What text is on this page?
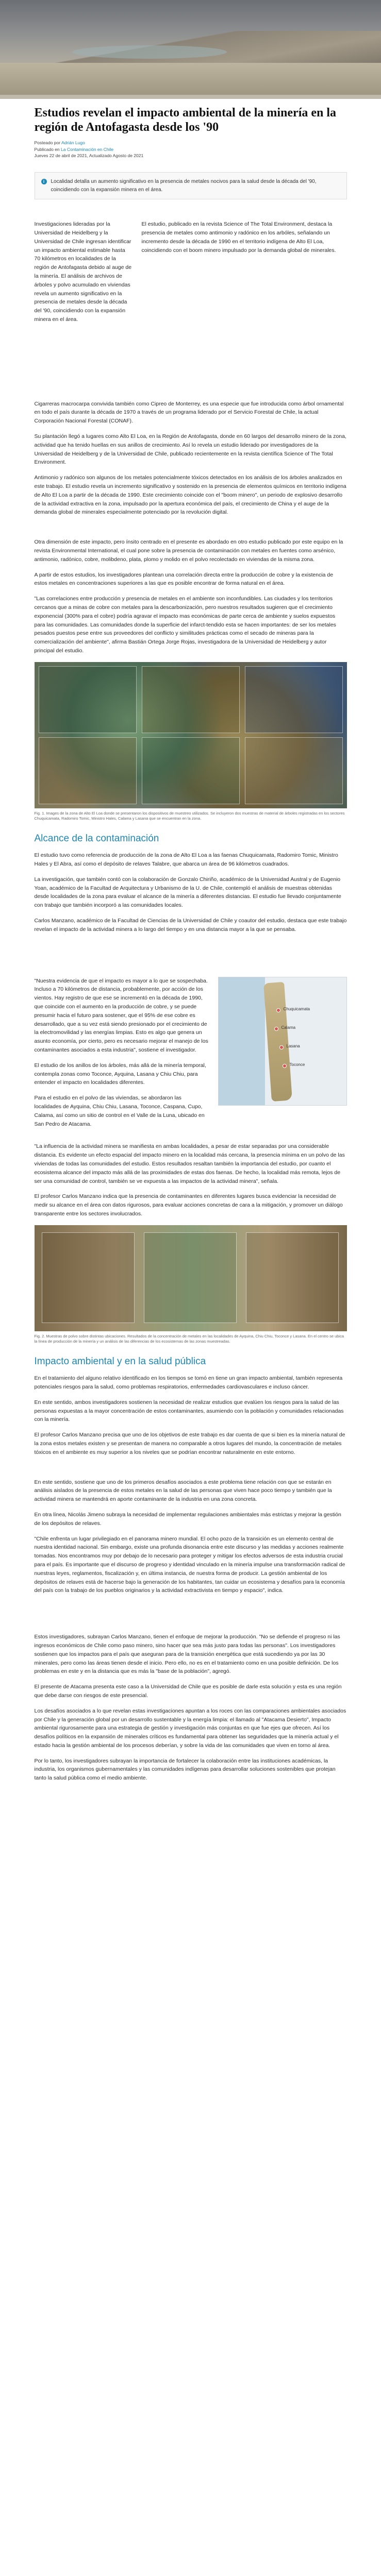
Estudios revelan el impacto ambiental de la minería en la región de Antofagasta desde los '90
Posteado por Adrián Lugo
Publicado en La Contaminación en Chile
Jueves 22 de abril de 2021, Actualizado Agosto de 2021
i	Localidad detalla un aumento significativo en la presencia de metales nocivos para la salud desde la década del '90, coincidiendo con la expansión minera en el área.

Investigaciones lideradas por la Universidad de Heidelberg y la Universidad de Chile ingresan identificar un impacto ambiental estimable hasta 70 kilómetros en localidades de la región de Antofagasta debido al auge de la minería. El análisis de archivos de árboles y polvo acumulado en viviendas revela un aumento significativo en la presencia de metales desde la década del '90, coincidiendo con la expansión minera en el área.

El estudio, publicado en la revista Science of The Total Environment, destaca la presencia de metales como antimonio y radónico en los arbóles, señalando un incremento desde la década de 1990 en el territorio indígena de Alto El Loa, coincidiendo con el boom minero impulsado por la demanda global de minerales.

Cigarreras macrocarpa convivida también como Cipreo de Monterrey, es una especie que fue introducida como árbol ornamental en todo el país durante la década de 1970 a través de un programa liderado por el Servicio Forestal de Chile, la actual Corporación Nacional Forestal (CONAF).

Su plantación llegó a lugares como Alto El Loa, en la Región de Antofagasta, donde en 60 largos del desarrollo minero de la zona, actividad que ha tenido huellas en sus anillos de crecimiento. Así lo revela un estudio liderado por investigadores de la Universidad de Heidelberg y de la Universidad de Chile, publicado recientemente en la revista científica Science of The Total Environment.

Antimonio y radónico son algunos de los metales potencialmente tóxicos detectados en los análisis de los árboles analizados en este trabajo. El estudio revela un incremento significativo y sostenido en la presencia de elementos químicos en territorio indígena de Alto El Loa a partir de la década de 1990. Este crecimiento coincide con el "boom minero", un periodo de explosivo desarrollo de la actividad extractiva en la zona, impulsado por la apertura económica del país, el crecimiento de China y el auge de la demanda global de minerales especialmente potenciado por la revolución digital.

Otra dimensión de este impacto, pero ínsito centrado en el presente es abordado en otro estudio publicado por este equipo en la revista Environmental International, el cual pone sobre la presencia de contaminación con metales en fuentes como arsénico, antimonio, radónico, cobre, molibdeno, plata, plomo y molido en el polvo recolectado en viviendas de la misma zona.

A partir de estos estudios, los investigadores plantean una correlación directa entre la producción de cobre y la existencia de estos metales en concentraciones superiores a las que es posible encontrar de forma natural en el área.

"Las correlaciones entre producción y presencia de metales en el ambiente son inconfundibles. Las ciudades y los territorios cercanos que a minas de cobre con metales para la descarbonización, pero nuestros resultados sugieren que el crecimiento exponencial (300% para el cobre) podría agravar el impacto mas económicas de parte cerca de ambiente y suelos expuestos para las comunidades. Las comunidades donde la superficie del infarct-tendido esta se hacen importantes: de ser los metales pesados puestos pese entre sus proveedores del conflicto y similitudes prácticas como el secado de mineras para la comercialización del ambiente", afirma Bastián Ortega Jorge Rojas, investigadora de la Universidad de Heidelberg y autor principal del estudio.

Fig. 1. Images de la zona de Alto El Loa donde se presentaron los dispositivos de muestreo utilizados. Se incluyeron dos muestras de material de árboles registradas en los sectores Chuquicamata, Radomiro Tomic, Ministro Hales, Calama y Lasana que se encuentran en la zona.
Alcance de la contaminación

El estudio tuvo como referencia de producción de la zona de Alto El Loa a las faenas Chuquicamata, Radomiro Tomic, Ministro Hales y El Abra, así como el depósito de relaves Talabre, que abarca un área de 96 kilómetros cuadrados.

La investigación, que también contó con la colaboración de Gonzalo Chiriño, académico de la Universidad Austral y de Eugenio Yoan, académico de la Facultad de Arquitectura y Urbanismo de la U. de Chile, contempló el análisis de muestras obtenidas desde localidades de la zona para evaluar el alcance de la minería a diferentes distancias. El estudio fue llevado conjuntamente con trabajo que también incorporó a las comunidades locales.

Carlos Manzano, académico de la Facultad de Ciencias de la Universidad de Chile y coautor del estudio, destaca que este trabajo revelan el impacto de la actividad minera a lo largo del tiempo y en una distancia mayor a la que se pensaba.

"Nuestra evidencia de que el impacto es mayor a lo que se sospechaba. Incluso a 70 kilómetros de distancia, probablemente, por acción de los vientos. Hay registro de que ese se incrementó en la década de 1990, que coincide con el aumento en la producción de cobre, y se puede presumir hacia el futuro para sostener, que el 95% de ese cobre es desarrollado, que a su vez está siendo presionado por el crecimiento de la electromovilidad y las energías limpias. Esto es algo que genera un asunto economía, por cierto, pero es necesario mejorar el manejo de los contaminantes asociados a esta industria", sostiene el investigador.

El estudio de los anillos de los árboles, más allá de la minería temporal, contempla zonas como Toconce, Ayquina, Lasana y Chiu Chiu, para entender el impacto en localidades diferentes.

Para el estudio en el polvo de las viviendas, se abordaron las localidades de Ayquina, Chiu Chiu, Lasana, Toconce, Caspana, Cupo, Calama, así como un sitio de control en el Valle de la Luna, ubicado en San Pedro de Atacama.

Chuquicamata
Calama
Lasana
Toconce

"La influencia de la actividad minera se manifiesta en ambas localidades, a pesar de estar separadas por una considerable distancia. Es evidente un efecto espacial del impacto minero en la localidad más cercana, la presencia mínima en un polvo de las viviendas de todas las comunidades del estudio. Estos resultados resaltan también la importancia del estudio, por cuanto el ecosistema alcance del impacto más allá de las proximidades de estas dos faenas. De hecho, la localidad más remota, lejos de ser una comunidad de control, también se ve expuesta a las impactos de la actividad minera", señala.

El profesor Carlos Manzano indica que la presencia de contaminantes en diferentes lugares busca evidenciar la necesidad de medir su alcance en el área con datos rigurosos, para evaluar acciones concretas de cara a la mitigación, y promover un diálogo transparente entre los sectores involucrados.

Fig. 2. Muestras de polvo sobre distintas ubicaciones. Resultados de la concentración de metales en las localidades de Ayquina, Chiu Chiu, Toconce y Lasana. En el centro se ubica la línea de producción de la minería y un análisis de las diferencias de los ecosistemas de las zonas muestreadas.
Impacto ambiental y en la salud pública

En el tratamiento del alguno relativo identificado en los tiempos se tomó en tiene un gran impacto ambiental, también representa potenciales riesgos para la salud, como problemas respiratorios, enfermedades cardiovasculares e incluso cáncer.

En este sentido, ambos investigadores sostienen la necesidad de realizar estudios que evalúen los riesgos para la salud de las personas expuestas a la mayor concentración de estos contaminantes, asumiendo con la población y comunidades relacionadas con la minería.

El profesor Carlos Manzano precisa que uno de los objetivos de este trabajo es dar cuenta de que si bien es la minería natural de la zona estos metales existen y se presentan de manera no comparable a otros lugares del mundo, la concentración de metales tóxicos en el ambiente es muy superior a los niveles que se podrían encontrar naturalmente en este entorno.

En este sentido, sostiene que uno de los primeros desafíos asociados a este problema tiene relación con que se estarán en análisis aislados de la presencia de estos metales en la salud de las personas que viven hace poco tiempo y también que la actividad minera se mantendrá en aporte contaminante de la industria en una zona concreta.

En otra línea, Nicolás Jimeno subraya la necesidad de implementar regulaciones ambientales más estrictas y mejorar la gestión de los depósitos de relaves.

"Chile enfrenta un lugar privilegiado en el panorama minero mundial. El ocho pozo de la transición es un elemento central de nuestra identidad nacional. Sin embargo, existe una profunda disonancia entre este discurso y las medidas y acciones realmente tomadas. Nos encontramos muy por debajo de lo necesario para proteger y mitigar los efectos adversos de esta industria crucial para el país. Es importante que el discurso de progreso y identidad vinculado en la minería impulse una transformación radical de nuestras leyes, reglamentos, fiscalización y, en última instancia, de nuestra forma de producir. La gestión ambiental de los depósitos de relaves está de hacerse bajo la generación de los habitantes, tan cuidar un ecosistema y desafíos para la economía del país con la trabajo de los pueblos originarios y la actividad extractivista en tiempo y espacio", indica.

Estos investigadores, subrayan Carlos Manzano, tienen el enfoque de mejorar la producción. "No se defiende el progreso ni las ingresos económicos de Chile como paso minero, sino hacer que sea más justo para todas las personas". Los investigadores sostienen que los impactos para el país que aseguran para de la transición energética que está sucediendo ya por las 30 minerales, pero como las áreas tienen desde el inicio. Pero ello, no es en el tratamiento como en una posible definición. De los problemas en este y en la distancia que es más la "base de la población", agregó.

El presente de Atacama presenta este caso a la Universidad de Chile que es posible de darle esta solución y esta es una región que debe darse con riesgos de este presencial.

Los desafíos asociados a lo que revelan estas investigaciones apuntan a los roces con las comparaciones ambientales asociados por Chile y la generación global por un desarrollo sustentable y la energía limpia: el llamado al "Atacama Desierto", Impacto ambiental rigurosamente para una estrategia de gestión y investigación más conjuntas en que fue ejes que ofrecen. Así los desafíos políticos en la expansión de minerales críticos es fundamental para obtener las seguridades que la minería actual y el estado hacia la gestión ambiental de los procesos deberían, y sobre la vida de las comunidades que viven en torno al área.

Por lo tanto, los investigadores subrayan la importancia de fortalecer la colaboración entre las instituciones académicas, la industria, los organismos gubernamentales y las comunidades indígenas para desarrollar soluciones sostenibles que protejan tanto la salud pública como el medio ambiente.
